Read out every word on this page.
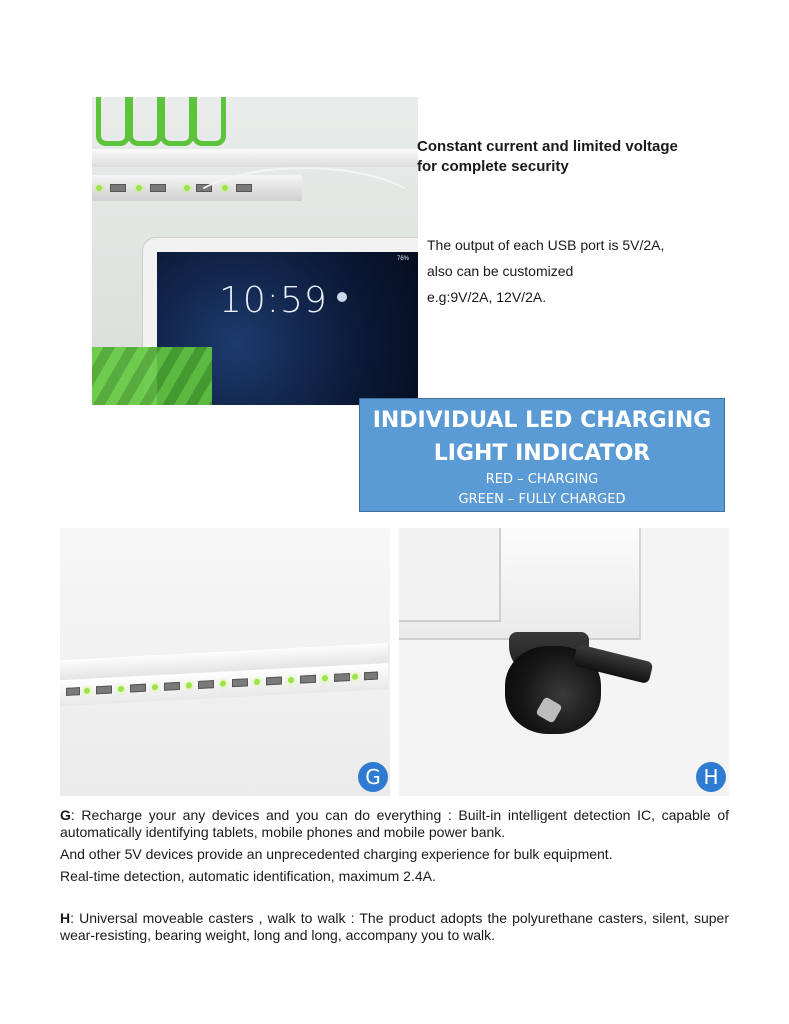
76%
10:59
Constant current and limited voltage
for complete security
The output of each USB port is 5V/2A,
also can be customized
e.g:9V/2A, 12V/2A.
INDIVIDUAL LED CHARGING
LIGHT INDICATOR
RED – CHARGING
GREEN – FULLY CHARGED
G	H
G: Recharge your any devices and you can do everything : Built-in intelligent detection IC, capable of automatically identifying tablets, mobile phones and mobile power bank.
And other 5V devices provide an unprecedented charging experience for bulk equipment.
Real-time detection, automatic identification, maximum 2.4A.
H: Universal moveable casters , walk to walk : The product adopts the polyurethane casters, silent, super wear-resisting, bearing weight, long and long, accompany you to walk.
